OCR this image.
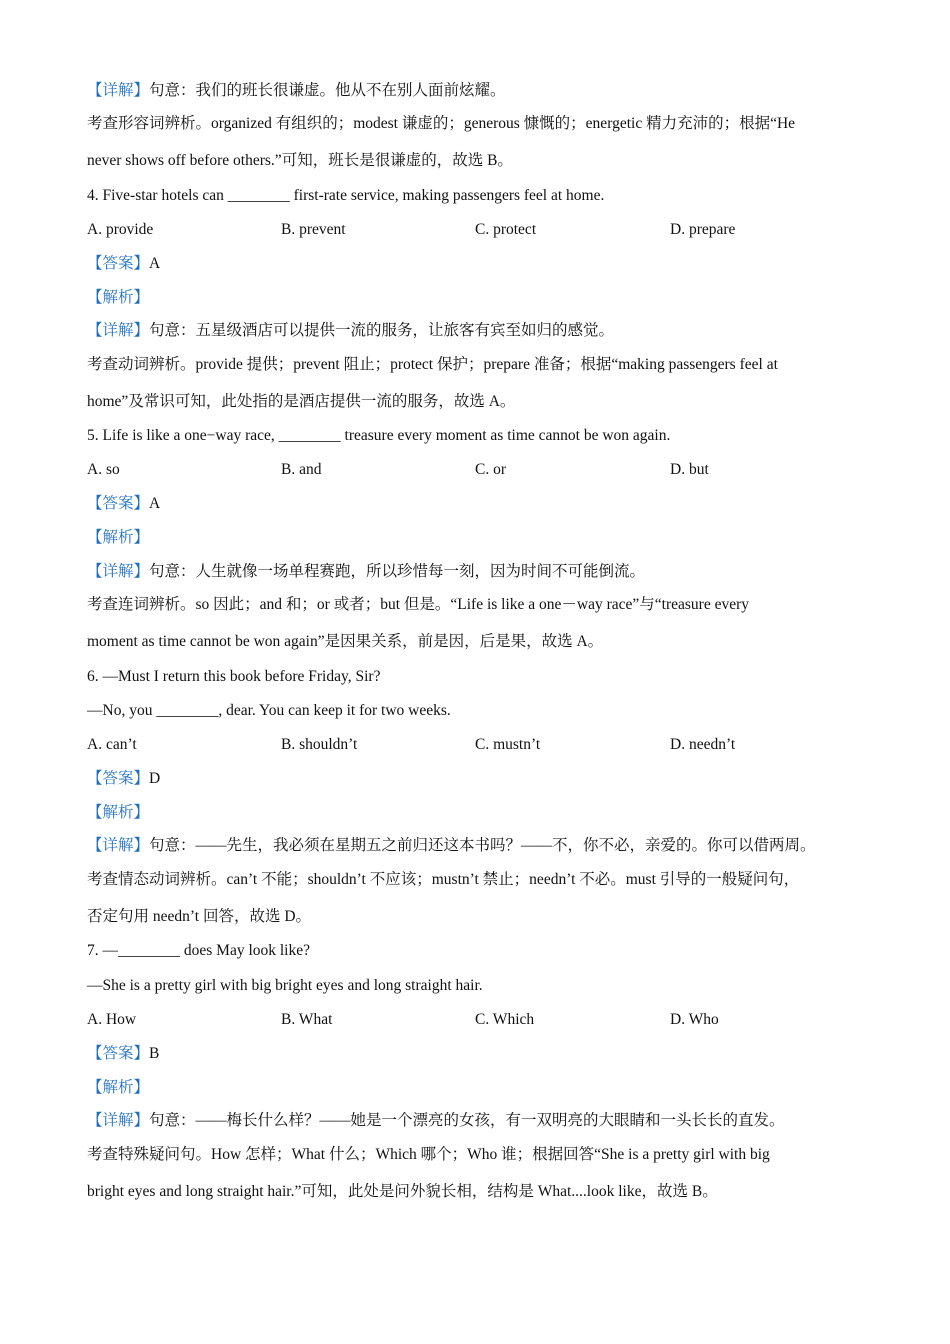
【详解】句意：我们的班长很谦虚。他从不在别人面前炫耀。
考查形容词辨析。organized 有组织的；modest 谦虚的；generous 慷慨的；energetic 精力充沛的；根据“He
never shows off before others.”可知，班长是很谦虚的，故选 B。
4. Five-star hotels can ________ first-rate service, making passengers feel at home.
A. provide	B. prevent	C. protect	D. prepare
【答案】A
【解析】
【详解】句意：五星级酒店可以提供一流的服务，让旅客有宾至如归的感觉。
考查动词辨析。provide 提供；prevent 阻止；protect 保护；prepare 准备；根据“making passengers feel at
home”及常识可知，此处指的是酒店提供一流的服务，故选 A。
5. Life is like a one−way race, ________ treasure every moment as time cannot be won again.
A. so	B. and	C. or	D. but
【答案】A
【解析】
【详解】句意：人生就像一场单程赛跑，所以珍惜每一刻，因为时间不可能倒流。
考查连词辨析。so 因此；and 和；or 或者；but 但是。“Life is like a one－way race”与“treasure every
moment as time cannot be won again”是因果关系，前是因，后是果，故选 A。
6. —Must I return this book before Friday, Sir?
—No, you ________, dear. You can keep it for two weeks.
A. can’t	B. shouldn’t	C. mustn’t	D. needn’t
【答案】D
【解析】
【详解】句意：——先生，我必须在星期五之前归还这本书吗？——不，你不必，亲爱的。你可以借两周。
考查情态动词辨析。can’t 不能；shouldn’t 不应该；mustn’t 禁止；needn’t 不必。must 引导的一般疑问句，
否定句用 needn’t 回答，故选 D。
7. —________ does May look like?
—She is a pretty girl with big bright eyes and long straight hair.
A. How	B. What	C. Which	D. Who
【答案】B
【解析】
【详解】句意：——梅长什么样？——她是一个漂亮的女孩，有一双明亮的大眼睛和一头长长的直发。
考查特殊疑问句。How 怎样；What 什么；Which 哪个；Who 谁；根据回答“She is a pretty girl with big
bright eyes and long straight hair.”可知，此处是问外貌长相，结构是 What....look like，故选 B。
